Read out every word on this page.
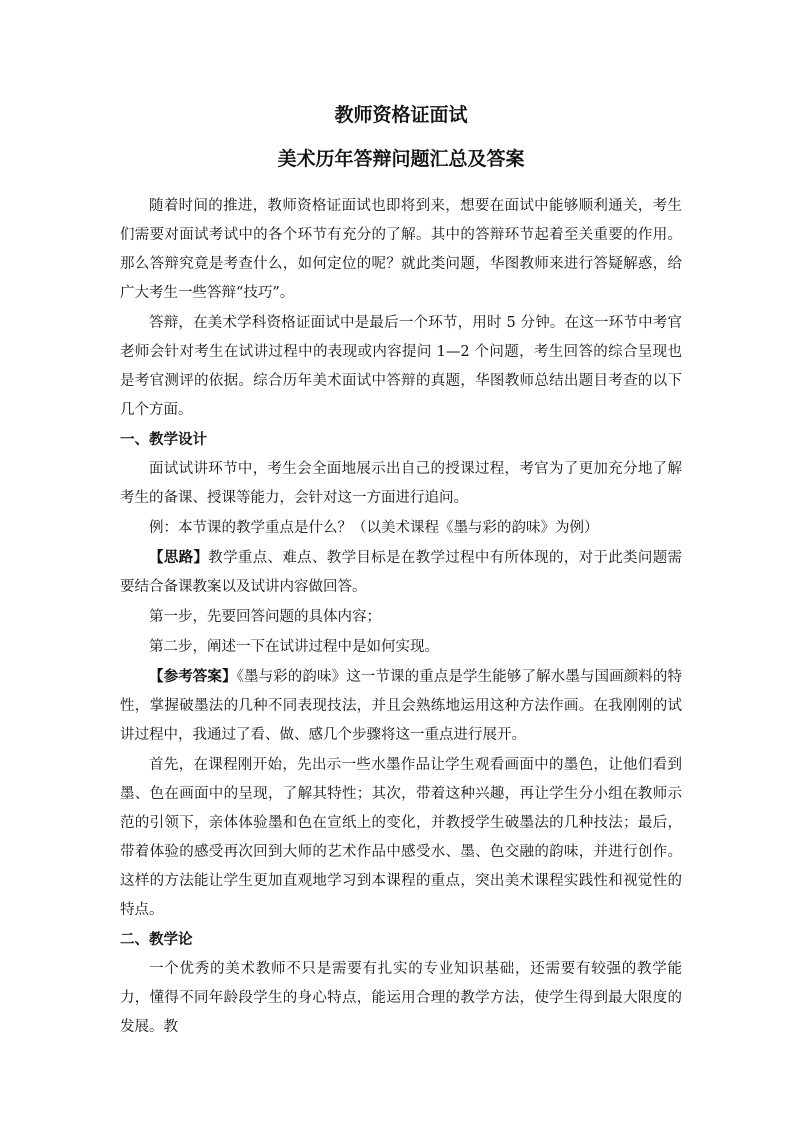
教师资格证面试
美术历年答辩问题汇总及答案

随着时间的推进，教师资格证面试也即将到来，想要在面试中能够顺利通关，考生们需要对面试考试中的各个环节有充分的了解。其中的答辩环节起着至关重要的作用。那么答辩究竟是考查什么，如何定位的呢？就此类问题，华图教师来进行答疑解惑，给广大考生一些答辩“技巧”。

答辩，在美术学科资格证面试中是最后一个环节，用时 5 分钟。在这一环节中考官老师会针对考生在试讲过程中的表现或内容提问 1—2 个问题，考生回答的综合呈现也是考官测评的依据。综合历年美术面试中答辩的真题，华图教师总结出题目考查的以下几个方面。

一、教学设计

面试试讲环节中，考生会全面地展示出自己的授课过程，考官为了更加充分地了解考生的备课、授课等能力，会针对这一方面进行追问。

例：本节课的教学重点是什么？（以美术课程《墨与彩的韵味》为例）

【思路】教学重点、难点、教学目标是在教学过程中有所体现的，对于此类问题需要结合备课教案以及试讲内容做回答。

第一步，先要回答问题的具体内容；

第二步，阐述一下在试讲过程中是如何实现。

【参考答案】《墨与彩的韵味》这一节课的重点是学生能够了解水墨与国画颜料的特性，掌握破墨法的几种不同表现技法，并且会熟练地运用这种方法作画。在我刚刚的试讲过程中，我通过了看、做、感几个步骤将这一重点进行展开。

首先，在课程刚开始，先出示一些水墨作品让学生观看画面中的墨色，让他们看到墨、色在画面中的呈现，了解其特性；其次，带着这种兴趣，再让学生分小组在教师示范的引领下，亲体体验墨和色在宣纸上的变化，并教授学生破墨法的几种技法；最后，带着体验的感受再次回到大师的艺术作品中感受水、墨、色交融的韵味，并进行创作。这样的方法能让学生更加直观地学习到本课程的重点，突出美术课程实践性和视觉性的特点。

二、教学论

一个优秀的美术教师不只是需要有扎实的专业知识基础，还需要有较强的教学能力，懂得不同年龄段学生的身心特点，能运用合理的教学方法，使学生得到最大限度的发展。教
